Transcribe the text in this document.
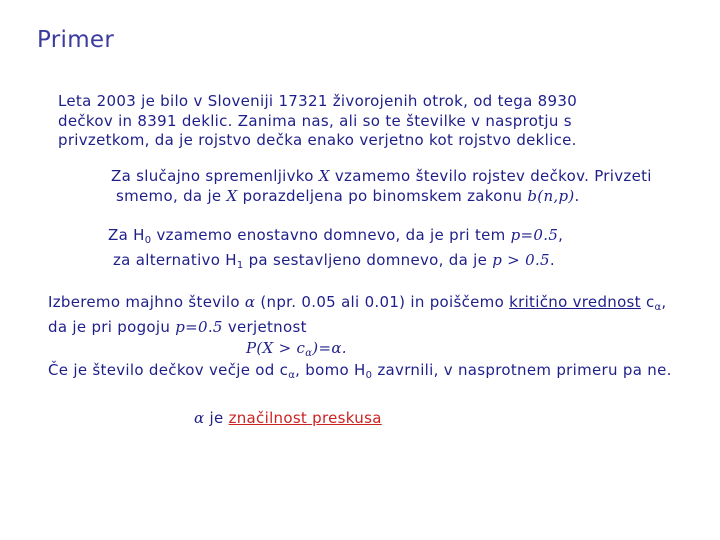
Primer
Leta 2003 je bilo v Sloveniji 17321 živorojenih otrok, od tega 8930
dečkov in 8391 deklic. Zanima nas, ali so te številke v nasprotju s
privzetkom, da je rojstvo dečka enako verjetno kot rojstvo deklice.
Za slučajno spremenljivko X vzamemo število rojstev dečkov. Privzeti
smemo, da je X porazdeljena po binomskem zakonu b(n,p).
Za $H_0$ vzamemo enostavno domnevo, da je pri tem p=0.5,
za alternativo $H_1$ pa sestavljeno domnevo, da je p > 0.5.
Izberemo majhno število α (npr. 0.05 ali 0.01) in poiščemo kritično vrednost $c_\alpha$,
da je pri pogoju p=0.5 verjetnost
$P(X > c_\alpha)=\alpha$.
Če je število dečkov večje od $c_\alpha$, bomo $H_0$ zavrnili, v nasprotnem primeru pa ne.
α je značilnost preskusa
